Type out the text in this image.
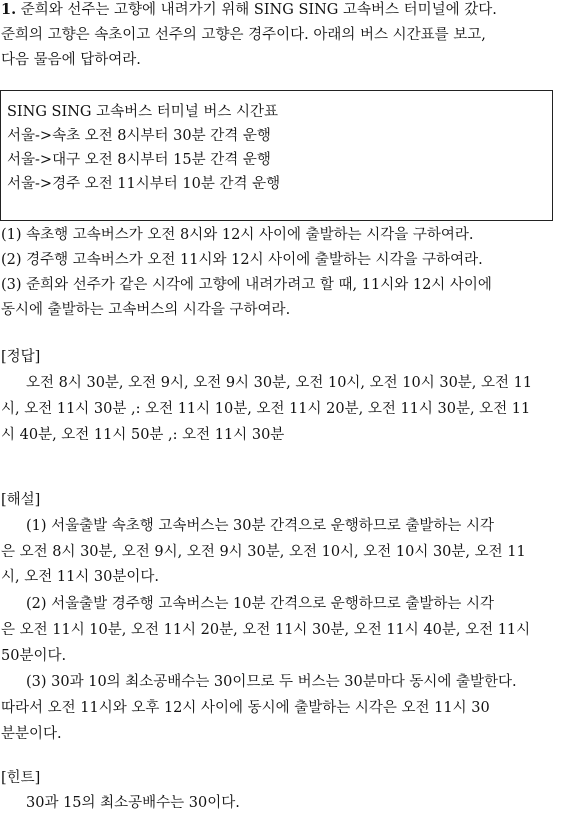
1. 준희와 선주는 고향에 내려가기 위해 SING SING 고속버스 터미널에 갔다.
준희의 고향은 속초이고 선주의 고향은 경주이다. 아래의 버스 시간표를 보고,
다음 물음에 답하여라.
SING SING 고속버스 터미널 버스 시간표
서울->속초 오전 8시부터 30분 간격 운행
서울->대구 오전 8시부터 15분 간격 운행
서울->경주 오전 11시부터 10분 간격 운행
(1) 속초행 고속버스가 오전 8시와 12시 사이에 출발하는 시각을 구하여라.
(2) 경주행 고속버스가 오전 11시와 12시 사이에 출발하는 시각을 구하여라.
(3) 준희와 선주가 같은 시각에 고향에 내려가려고 할 때, 11시와 12시 사이에
동시에 출발하는 고속버스의 시각을 구하여라.
[정답]
오전 8시 30분, 오전 9시, 오전 9시 30분, 오전 10시, 오전 10시 30분, 오전 11
시, 오전 11시 30분 ,: 오전 11시 10분, 오전 11시 20분, 오전 11시 30분, 오전 11
시 40분, 오전 11시 50분 ,: 오전 11시 30분
[해설]
(1) 서울출발 속초행 고속버스는 30분 간격으로 운행하므로 출발하는 시각
은 오전 8시 30분, 오전 9시, 오전 9시 30분, 오전 10시, 오전 10시 30분, 오전 11
시, 오전 11시 30분이다.
(2) 서울출발 경주행 고속버스는 10분 간격으로 운행하므로 출발하는 시각
은 오전 11시 10분, 오전 11시 20분, 오전 11시 30분, 오전 11시 40분, 오전 11시
50분이다.
(3) 30과 10의 최소공배수는 30이므로 두 버스는 30분마다 동시에 출발한다.
따라서 오전 11시와 오후 12시 사이에 동시에 출발하는 시각은 오전 11시 30
분분이다.
[힌트]
30과 15의 최소공배수는 30이다.
